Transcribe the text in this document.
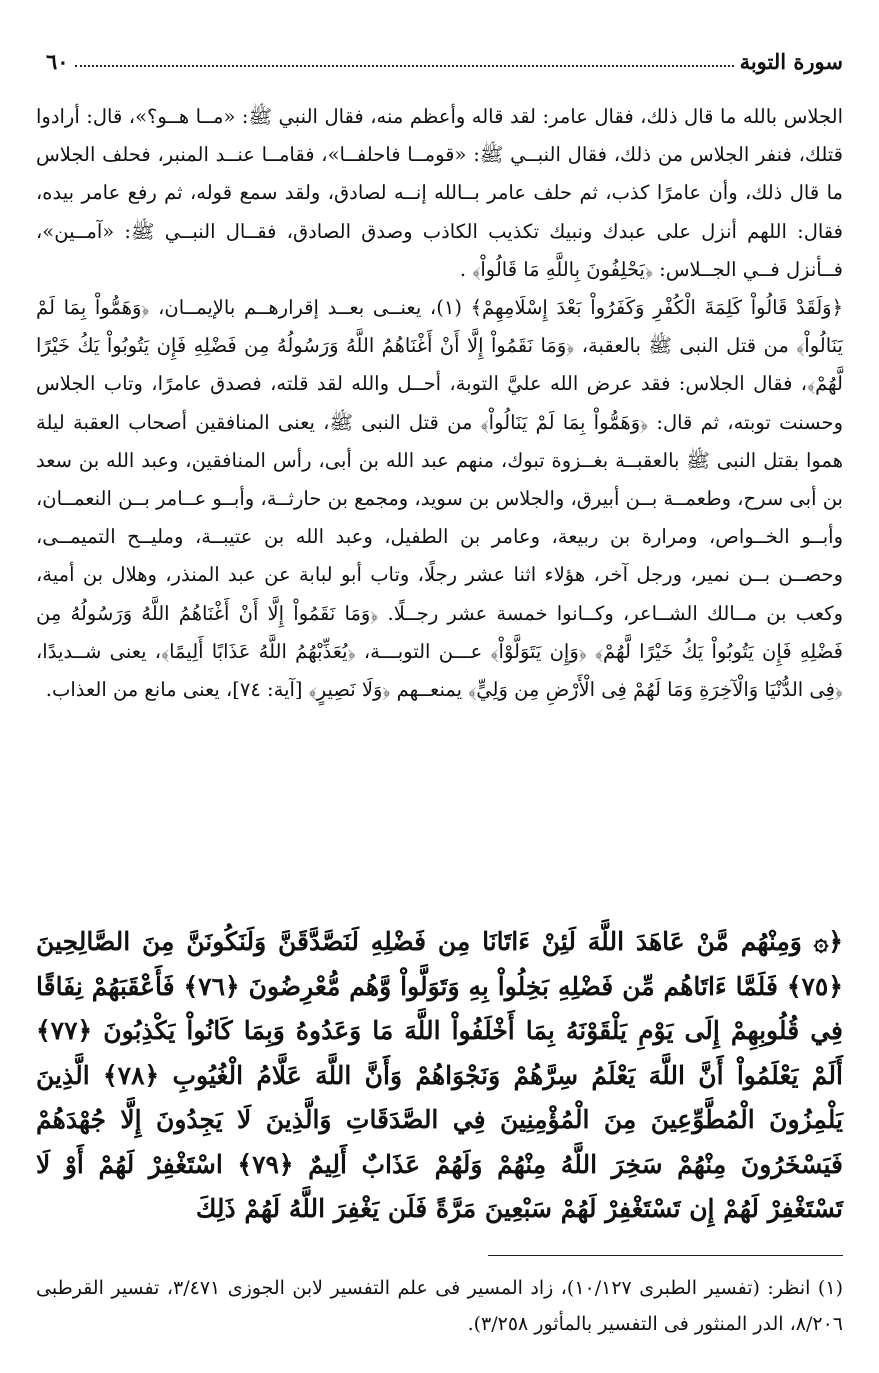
سورة التوبة
٦٠

الجلاس بالله ما قال ذلك، فقال عامر: لقد قاله وأعظم منه، فقال النبي ﷺ: «مــا هــو؟»، قال: أرادوا قتلك، فنفر الجلاس من ذلك، فقال النبــي ﷺ: «قومــا فاحلفــا»، فقامــا عنــد المنبر، فحلف الجلاس ما قال ذلك، وأن عامرًا كذب، ثم حلف عامر بــالله إنــه لصادق، ولقد سمع قوله، ثم رفع عامر بيده، فقال: اللهم أنزل على عبدك ونبيك تكذيب الكاذب وصدق الصادق، فقــال النبــي ﷺ: «آمــين»، فــأنزل فــي الجــلاس: ﴿يَحْلِفُونَ بِاللَّهِ مَا قَالُواْ﴾ .

﴿وَلَقَدْ قَالُواْ كَلِمَةَ الْكُفْرِ وَكَفَرُواْ بَعْدَ إِسْلَامِهِمْ﴾ (١)، يعنــى بعــد إقرارهــم بالإيمــان، ﴿وَهَمُّواْ بِمَا لَمْ يَنَالُواْ﴾ من قتل النبى ﷺ بالعقبة، ﴿وَمَا نَقَمُواْ إِلَّا أَنْ أَغْنَاهُمُ اللَّهُ وَرَسُولُهُ مِن فَضْلِهِ فَإِن يَتُوبُواْ يَكُ خَيْرًا لَّهُمْ﴾، فقال الجلاس: فقد عرض الله عليَّ التوبة، أحــل والله لقد قلته، فصدق عامرًا، وتاب الجلاس وحسنت توبته، ثم قال: ﴿وَهَمُّواْ بِمَا لَمْ يَنَالُواْ﴾ من قتل النبى ﷺ، يعنى المنافقين أصحاب العقبة ليلة هموا بقتل النبى ﷺ بالعقبــة بغــزوة تبوك، منهم عبد الله بن أبى، رأس المنافقين، وعبد الله بن سعد بن أبى سرح، وطعمــة بــن أبيرق، والجلاس بن سويد، ومجمع بن حارثــة، وأبــو عــامر بــن النعمــان، وأبــو الخــواص، ومرارة بن ربيعة، وعامر بن الطفيل، وعبد الله بن عتيبــة، ومليــح التميمــى، وحصــن بــن نمير، ورجل آخر، هؤلاء اثنا عشر رجلًا، وتاب أبو لبابة عن عبد المنذر، وهلال بن أمية، وكعب بن مــالك الشــاعر، وكــانوا خمسة عشر رجــلًا. ﴿وَمَا نَقَمُواْ إِلَّا أَنْ أَغْنَاهُمُ اللَّهُ وَرَسُولُهُ مِن فَضْلِهِ فَإِن يَتُوبُواْ يَكُ خَيْرًا لَّهُمْ﴾ ﴿وَإِن يَتَوَلَّوْاْ﴾ عـــن التوبـــة، ﴿يُعَذِّبْهُمُ اللَّهُ عَذَابًا أَلِيمًا﴾، يعنى شــديدًا، ﴿فِى الدُّنْيَا وَالْآخِرَةِ وَمَا لَهُمْ فِى الْأَرْضِ مِن وَلِيٍّ﴾ يمنعــهم ﴿وَلَا نَصِيرٍ﴾ [آية: ٧٤]، يعنى مانع من العذاب.

﴿۞ وَمِنْهُم مَّنْ عَاهَدَ اللَّهَ لَئِنْ ءَاتَانَا مِن فَضْلِهِ لَنَصَّدَّقَنَّ وَلَنَكُونَنَّ مِنَ الصَّالِحِينَ ﴿٧٥﴾ فَلَمَّا ءَاتَاهُم مِّن فَضْلِهِ بَخِلُواْ بِهِ وَتَوَلَّواْ وَّهُم مُّعْرِضُونَ ﴿٧٦﴾ فَأَعْقَبَهُمْ نِفَاقًا فِي قُلُوبِهِمْ إِلَى يَوْمِ يَلْقَوْنَهُ بِمَا أَخْلَفُواْ اللَّهَ مَا وَعَدُوهُ وَبِمَا كَانُواْ يَكْذِبُونَ ﴿٧٧﴾ أَلَمْ يَعْلَمُواْ أَنَّ اللَّهَ يَعْلَمُ سِرَّهُمْ وَنَجْوَاهُمْ وَأَنَّ اللَّهَ عَلَّامُ الْغُيُوبِ ﴿٧٨﴾ الَّذِينَ يَلْمِزُونَ الْمُطَّوِّعِينَ مِنَ الْمُؤْمِنِينَ فِي الصَّدَقَاتِ وَالَّذِينَ لَا يَجِدُونَ إِلَّا جُهْدَهُمْ فَيَسْخَرُونَ مِنْهُمْ سَخِرَ اللَّهُ مِنْهُمْ وَلَهُمْ عَذَابٌ أَلِيمٌ ﴿٧٩﴾ اسْتَغْفِرْ لَهُمْ أَوْ لَا تَسْتَغْفِرْ لَهُمْ إِن تَسْتَغْفِرْ لَهُمْ سَبْعِينَ مَرَّةً فَلَن يَغْفِرَ اللَّهُ لَهُمْ ذَلِكَ

(١) انظر: (تفسير الطبرى ١٠/١٢٧)، زاد المسير فى علم التفسير لابن الجوزى ٣/٤٧١، تفسير القرطبى ٨/٢٠٦، الدر المنثور فى التفسير بالمأثور ٣/٢٥٨).
